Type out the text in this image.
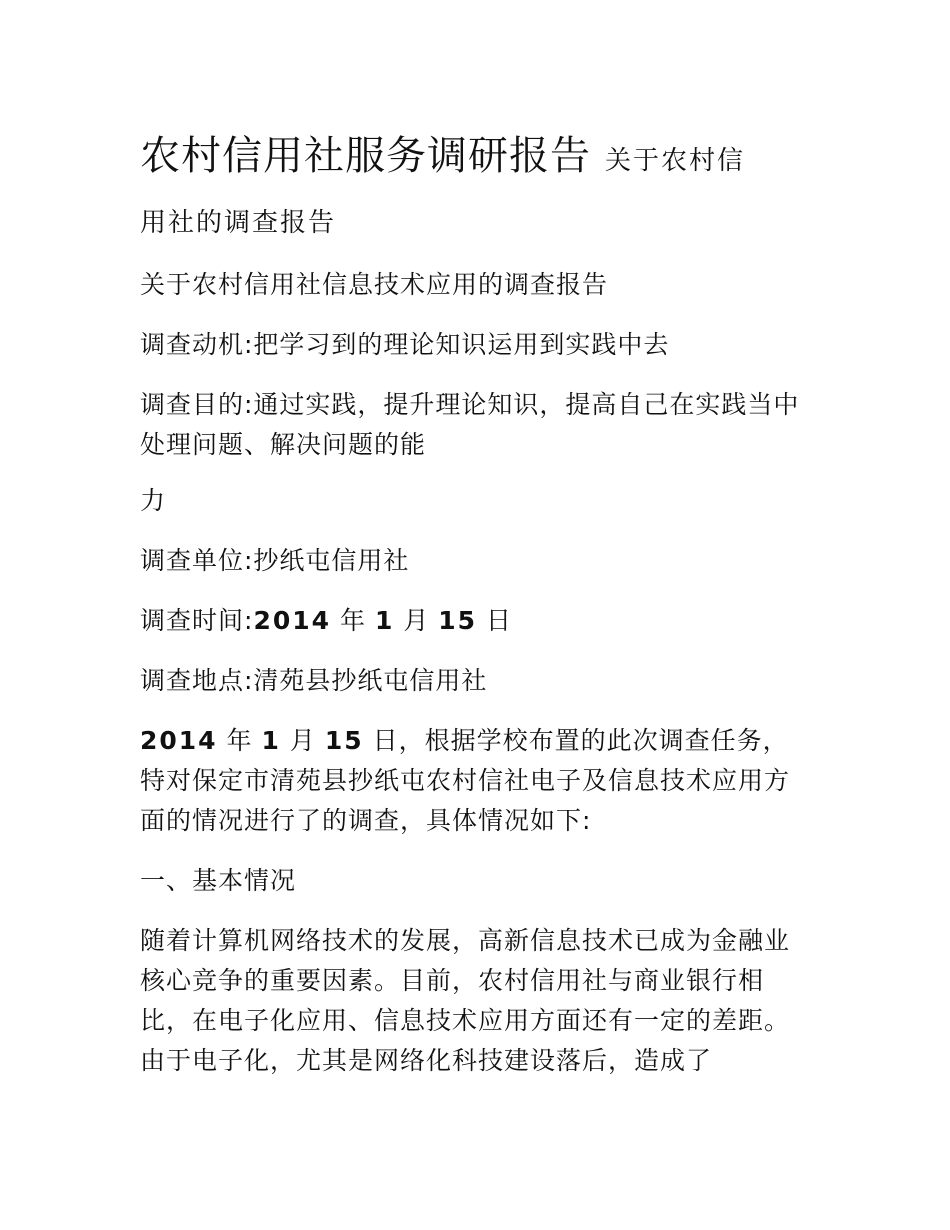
农村信用社服务调研报告 关于农村信
用社的调查报告

关于农村信用社信息技术应用的调查报告

调查动机:把学习到的理论知识运用到实践中去

调查目的:通过实践，提升理论知识，提高自己在实践当中处理问题、解决问题的能

力

调查单位:抄纸屯信用社

调查时间:2014 年 1 月 15 日

调查地点:清苑县抄纸屯信用社

2014 年 1 月 15 日，根据学校布置的此次调查任务，特对保定市清苑县抄纸屯农村信社电子及信息技术应用方面的情况进行了的调查，具体情况如下:

一、基本情况

随着计算机网络技术的发展，高新信息技术已成为金融业核心竞争的重要因素。目前，农村信用社与商业银行相比，在电子化应用、信息技术应用方面还有一定的差距。由于电子化，尤其是网络化科技建设落后，造成了
